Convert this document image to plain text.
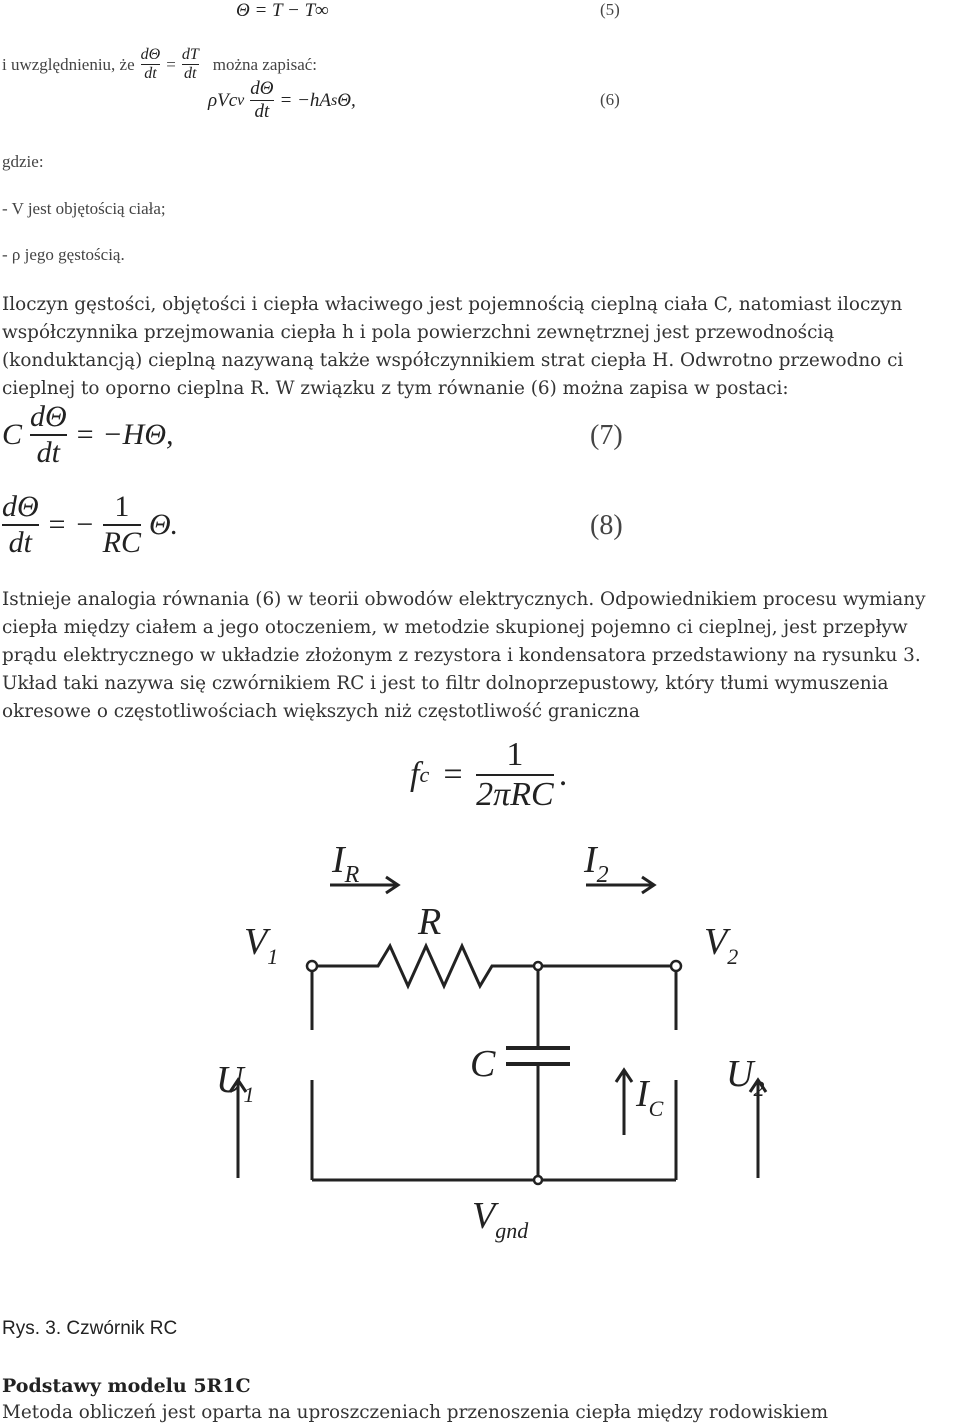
Θ = T − T∞	(5)
i uwzględnieniu, że $\frac{d\Theta}{dt} = \frac{dT}{dt}$ można zapisać:
ρVc v $\frac{d\Theta}{dt} = -hA$ s Θ,	(6)
gdzie:
- V jest objętością ciała;
- ρ jego gęstością.
Iloczyn gęstości, objętości i ciepła właciwego jest pojemnością cieplną ciała C, natomiast iloczyn współczynnika przejmowania ciepła h i pola powierzchni zewnętrznej jest przewodnością (konduktancją) cieplną nazywaną także współczynnikiem strat ciepła H. Odwrotno przewodno ci cieplnej to oporno cieplna R. W związku z tym równanie (6) można zapisa w postaci:
C $\frac{d\Theta}{dt} = -H\Theta$,	(7)
$\frac{d\Theta}{dt}$ = − $\frac{1}{RC} \Theta$.	(8)
Istnieje analogia równania (6) w teorii obwodów elektrycznych. Odpowiednikiem procesu wymiany ciepła między ciałem a jego otoczeniem, w metodzie skupionej pojemno ci cieplnej, jest przepływ prądu elektrycznego w układzie złożonym z rezystora i kondensatora przedstawiony na rysunku 3. Układ taki nazywa się czwórnikiem RC i jest to filtr dolnoprzepustowy, który tłumi wymuszenia okresowe o częstotliwościach większych niż częstotliwość graniczna
f $c = \frac{1}{\text{2πRC}}$ .
$I_R$	$I_2$
R
$V_1$	$V_2$
C
$U_1$	$U_2$
$I_C$
$V_{gnd}$
Rys. 3. Czwórnik RC
Podstawy modelu 5R1C
Metoda obliczeń jest oparta na uproszczeniach przenoszenia ciepła między rodowiskiem
